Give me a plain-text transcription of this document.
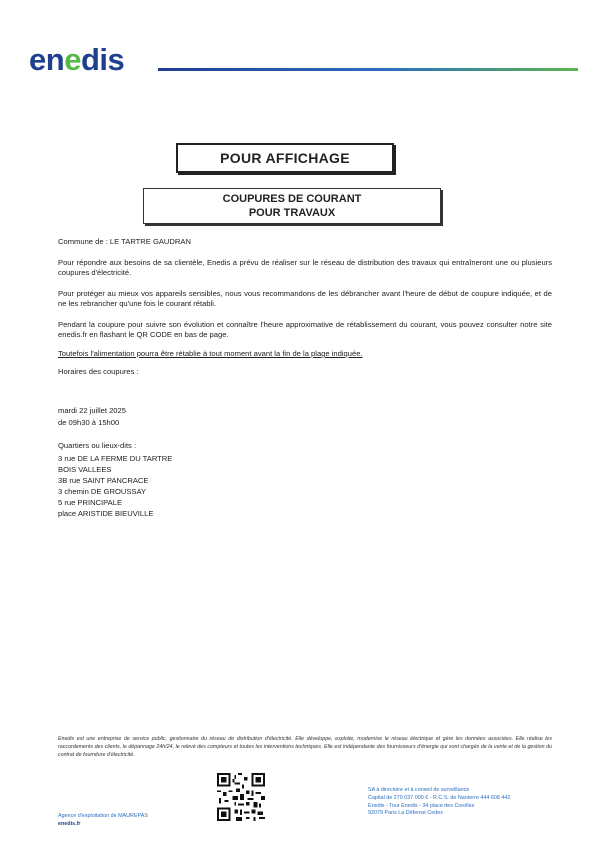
enedis
POUR AFFICHAGE
COUPURES DE COURANT
POUR TRAVAUX

Commune de : LE TARTRE GAUDRAN

Pour répondre aux besoins de sa clientèle, Enedis a prévu de réaliser sur le réseau de distribution des travaux qui entraîneront une ou plusieurs coupures d'électricité.

Pour protéger au mieux vos appareils sensibles, nous vous recommandons de les débrancher avant l'heure de début de coupure indiquée, et de ne les rebrancher qu'une fois le courant rétabli.

Pendant la coupure pour suivre son évolution et connaître l'heure approximative de rétablissement du courant, vous pouvez consulter notre site enedis.fr en flashant le QR CODE en bas de page.

Toutefois l'alimentation pourra être rétablie à tout moment avant la fin de la plage indiquée.

Horaires des coupures :

mardi 22 juillet 2025

de 09h30 à 15h00

Quartiers ou lieux-dits :

3 rue DE LA FERME DU TARTRE
BOIS VALLEES
3B rue SAINT PANCRACE
3 chemin DE GROUSSAY
5 rue PRINCIPALE
place ARISTIDE BIEUVILLE

Enedis est une entreprise de service public, gestionnaire du réseau de distribution d'électricité. Elle développe, exploite, modernise le réseau électrique et gère les données associées. Elle réalise les raccordements des clients, le dépannage 24h/24, le relevé des compteurs et toutes les interventions techniques. Elle est indépendante des fournisseurs d'énergie qui sont chargés de la vente et de la gestion du contrat de fourniture d'électricité.

Agence d'exploitation de MAUREPAS
enedis.fr
SA à directoire et à conseil de surveillance
Capital de 270 037 000 € - R.C.S. de Nanterre 444 608 442
Enedis - Tour Enedis - 34 place des Corolles
92079 Paris La Défense Cedex
